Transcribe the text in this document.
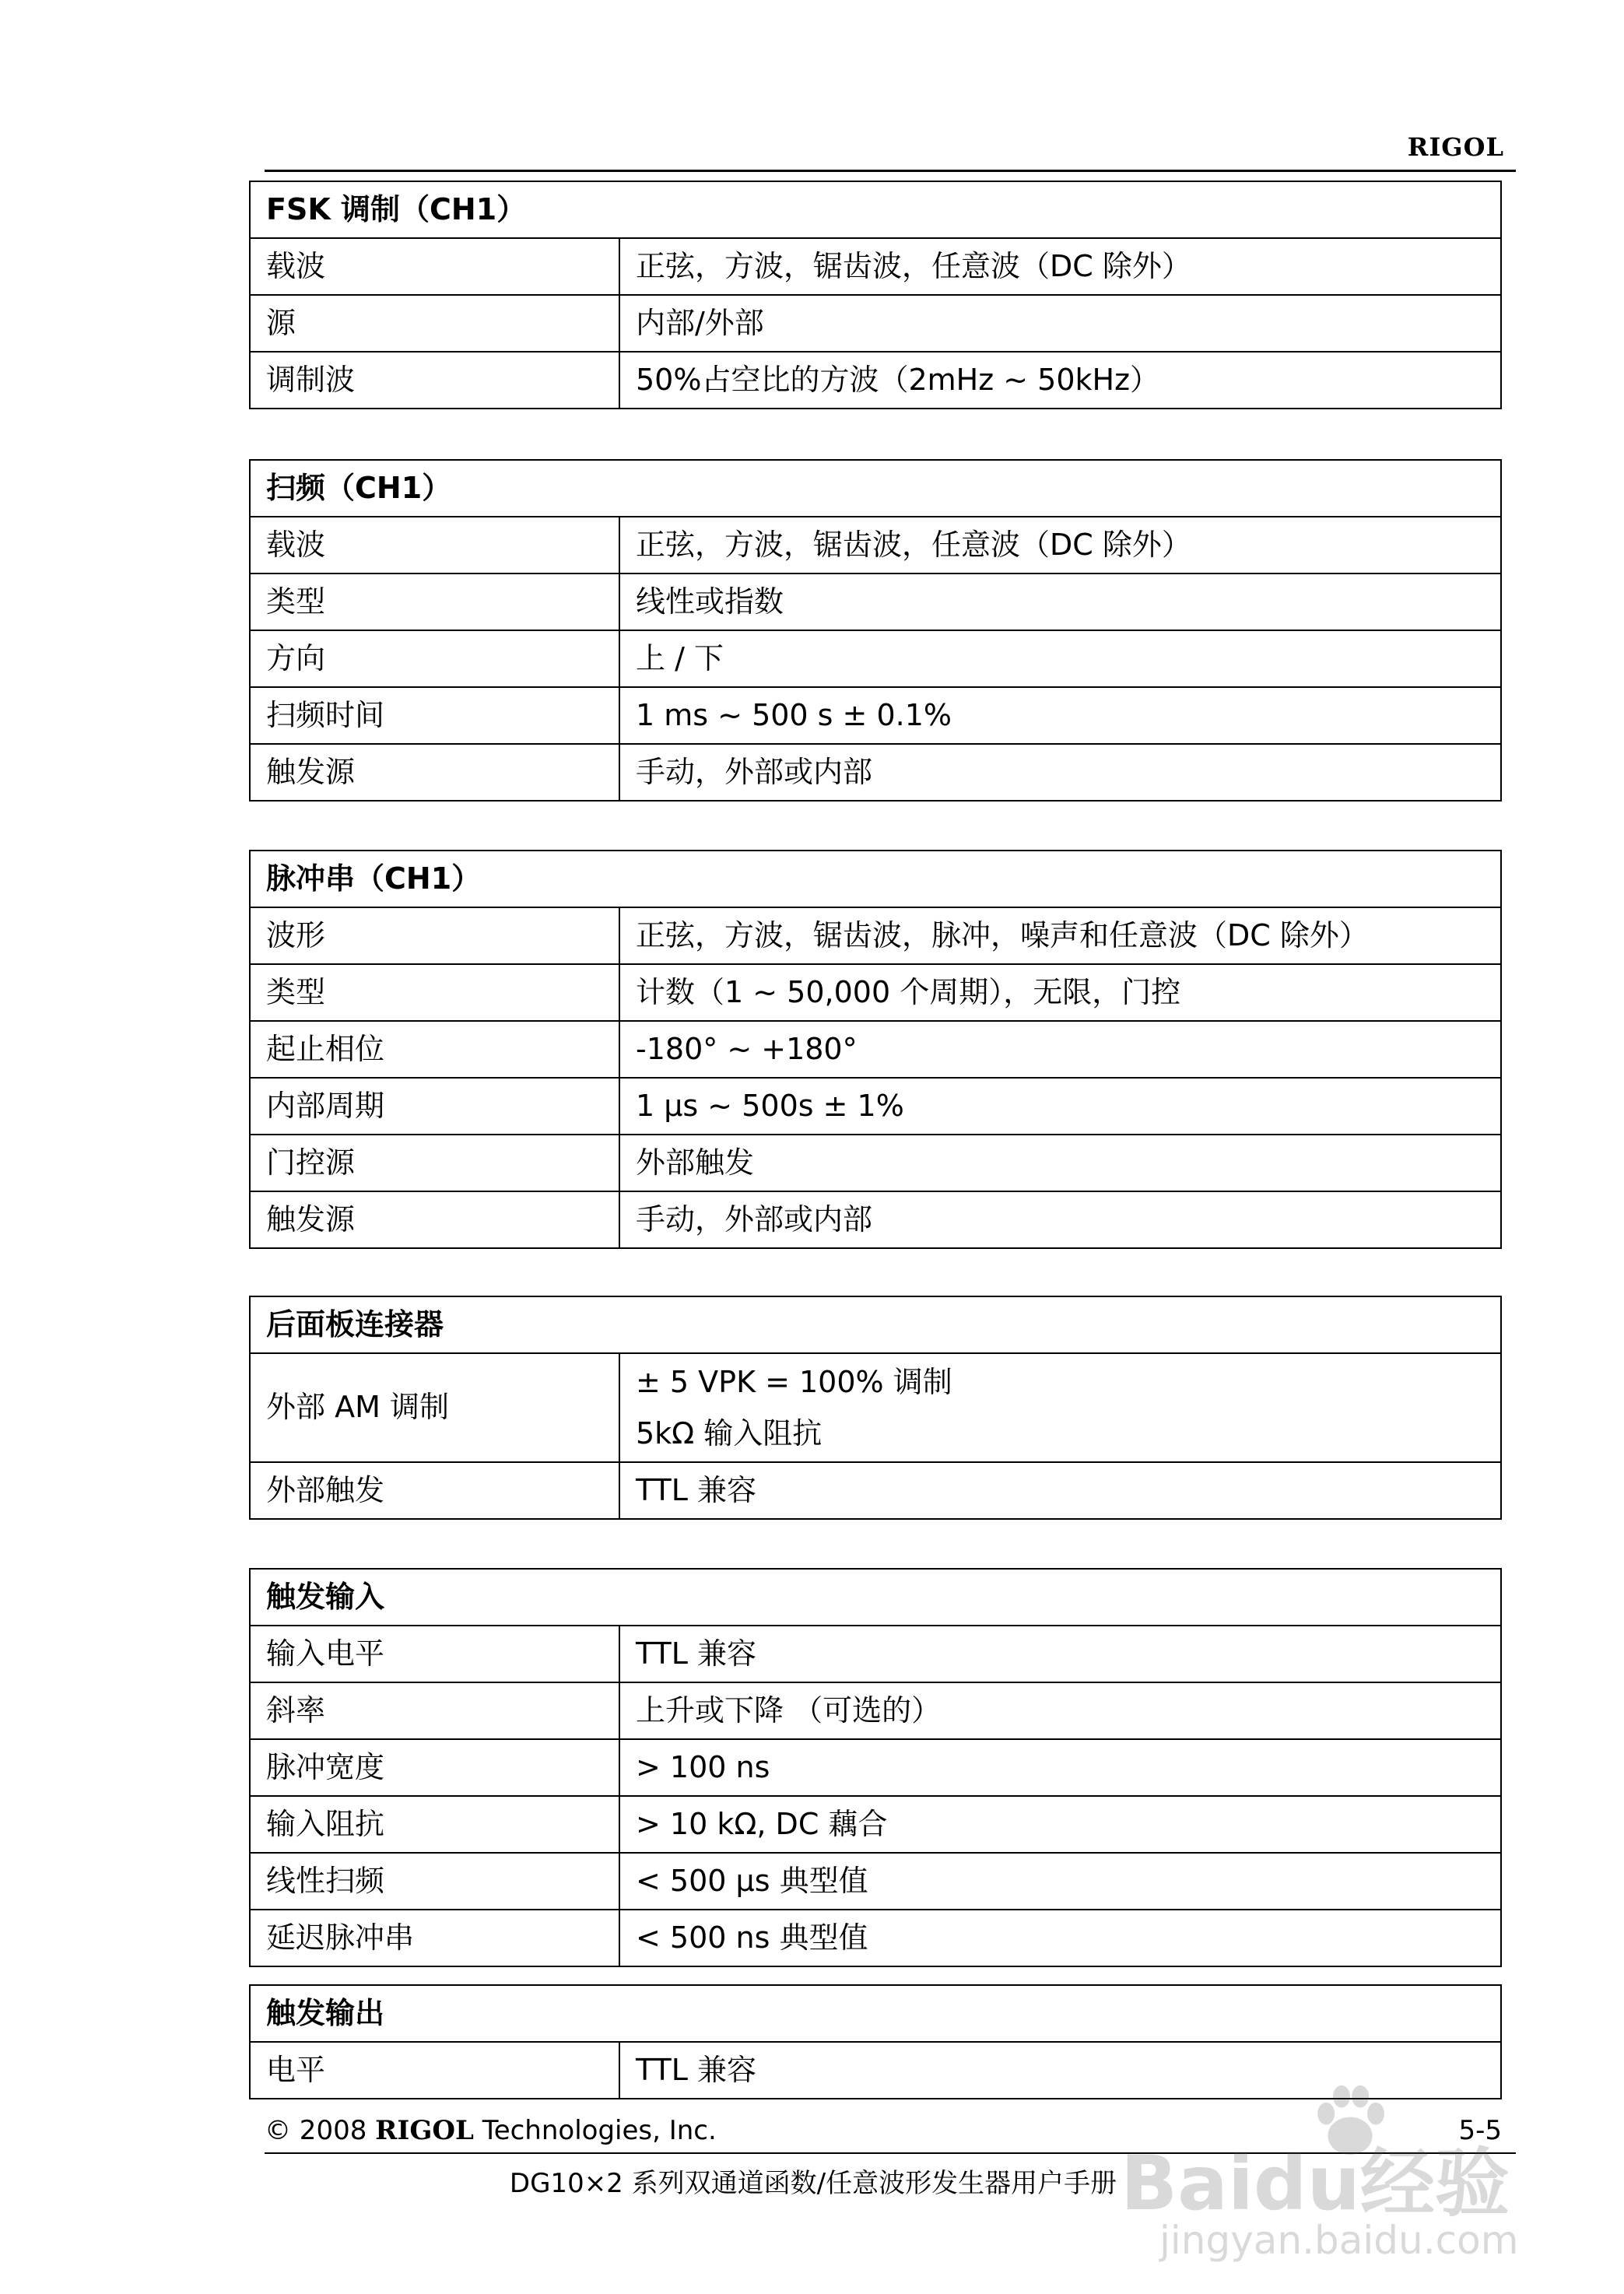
RIGOL
FSK 调制（CH1）	
载波	正弦，方波，锯齿波，任意波（DC 除外）

源	内部/外部

调制波	50%占空比的方波（2mHz ~ 50kHz）
扫频（CH1）	
载波	正弦，方波，锯齿波，任意波（DC 除外）

类型	线性或指数

方向	上 / 下

扫频时间	1 ms ~ 500 s ± 0.1%

触发源	手动，外部或内部
脉冲串（CH1）	
波形	正弦，方波，锯齿波，脉冲，噪声和任意波（DC 除外）

类型	计数（1 ~ 50,000 个周期），无限，门控

起止相位	-180° ~ +180°

内部周期	1 μs ~ 500s ± 1%

门控源	外部触发

触发源	手动，外部或内部
后面板连接器	
外部 AM 调制	± 5 VPK = 100% 调制
5kΩ 输入阻抗

外部触发	TTL 兼容
触发输入	
输入电平	TTL 兼容

斜率	上升或下降 （可选的）

脉冲宽度	> 100 ns

输入阻抗	> 10 kΩ, DC 藕合

线性扫频	< 500 μs 典型值

延迟脉冲串	< 500 ns 典型值
触发输出
电平	TTL 兼容
© 2008 RIGOL Technologies, Inc.	5-5
DG10×2 系列双通道函数/任意波形发生器用户手册 Baidu经验
jingyan.baidu.com
